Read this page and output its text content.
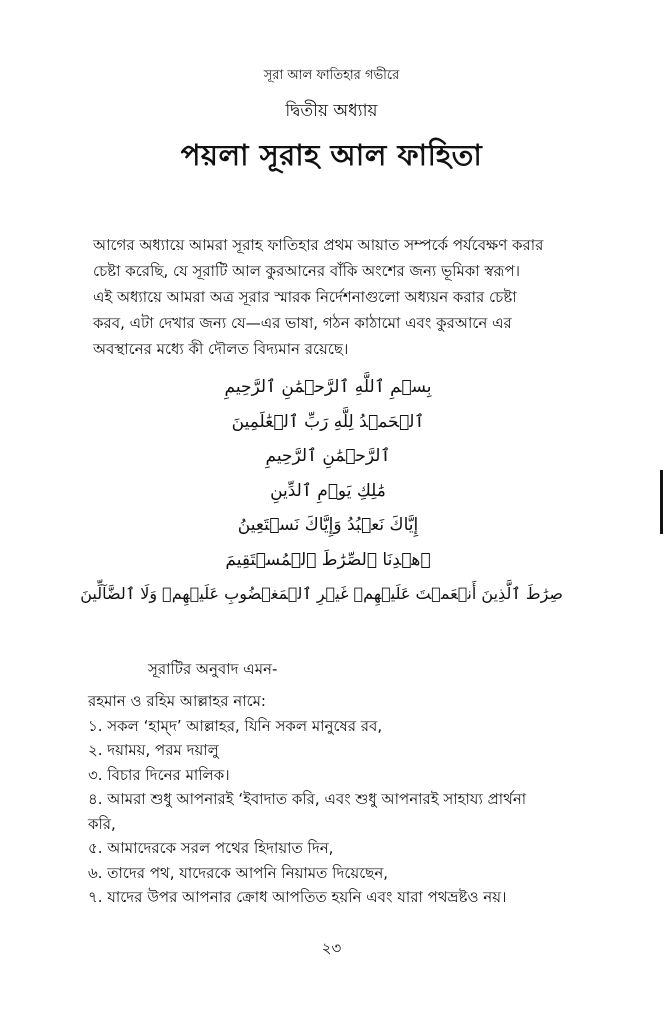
সূরা আল ফাতিহার গভীরে
দ্বিতীয় অধ্যায়
পয়লা সূরাহ আল ফাহিতা

আগের অধ্যায়ে আমরা সূরাহ ফাতিহার প্রথম আয়াত সম্পর্কে পর্যবেক্ষণ করার

চেষ্টা করেছি, যে সূরাটি আল কুরআনের বাঁকি অংশের জন্য ভূমিকা স্বরূপ।

এই অধ্যায়ে আমরা অত্র সূরার স্মারক নির্দেশনাগুলো অধ্যয়ন করার চেষ্টা

করব, এটা দেখার জন্য যে—এর ভাষা, গঠন কাঠামো এবং কুরআনে এর

অবস্থানের মধ্যে কী দৌলত বিদ্যমান রয়েছে।

بِسۡمِ ٱللَّهِ ٱلرَّحۡمَٰنِ ٱلرَّحِيمِ
ٱلۡحَمۡدُ لِلَّهِ رَبِّ ٱلۡعَٰلَمِينَ
ٱلرَّحۡمَٰنِ ٱلرَّحِيمِ
مَٰلِكِ يَوۡمِ ٱلدِّينِ
إِيَّاكَ نَعۡبُدُ وَإِيَّاكَ نَسۡتَعِينُ
ٱهۡدِنَا ٱلصِّرَٰطَ ٱلۡمُسۡتَقِيمَ
صِرَٰطَ ٱلَّذِينَ أَنۡعَمۡتَ عَلَيۡهِمۡ غَيۡرِ ٱلۡمَغۡضُوبِ عَلَيۡهِمۡ وَلَا ٱلضَّآلِّينَ

সূরাটির অনুবাদ এমন-

রহমান ও রহিম আল্লাহর নামে:

১. সকল ‘হাম্‌দ’ আল্লাহর, যিনি সকল মানুষের রব,

২. দয়াময়, পরম দয়ালু

৩. বিচার দিনের মালিক।

৪. আমরা শুধু আপনারই ‘ইবাদাত করি, এবং শুধু আপনারই সাহায্য প্রার্থনা

করি,

৫. আমাদেরকে সরল পথের হিদায়াত দিন,

৬. তাদের পথ, যাদেরকে আপনি নিয়ামত দিয়েছেন,

৭. যাদের উপর আপনার ক্রোধ আপতিত হয়নি এবং যারা পথভ্রষ্টও নয়।

২৩
